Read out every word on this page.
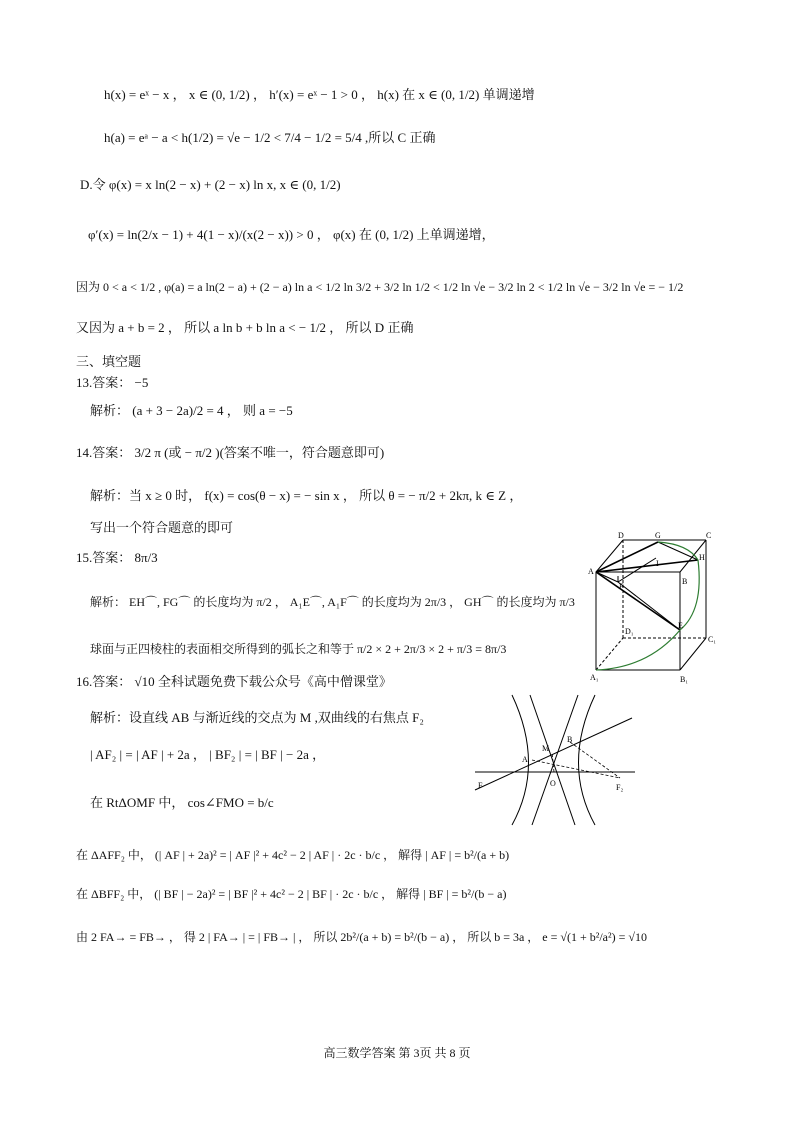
h(x) = eˣ − x ， x ∈ (0, 1/2) ， h′(x) = eˣ − 1 > 0 ， h(x) 在 x ∈ (0, 1/2) 单调递增
h(a) = eᵃ − a < h(1/2) = √e − 1/2 < 7/4 − 1/2 = 5/4 ,所以 C 正确
D.令 φ(x) = x ln(2 − x) + (2 − x) ln x, x ∈ (0, 1/2)
φ′(x) = ln(2/x − 1) + 4(1 − x)/(x(2 − x)) > 0 ， φ(x) 在 (0, 1/2) 上单调递增，
因为 0 < a < 1/2 , φ(a) = a ln(2 − a) + (2 − a) ln a < 1/2 ln 3/2 + 3/2 ln 1/2 < 1/2 ln √e − 3/2 ln 2 < 1/2 ln √e − 3/2 ln √e = − 1/2
又因为 a + b = 2 ， 所以 a ln b + b ln a < − 1/2 ， 所以 D 正确
三、填空题
13.答案： −5
解析： (a + 3 − 2a)/2 = 4 ， 则 a = −5
14.答案： 3/2 π (或 − π/2 )(答案不唯一，符合题意即可)
解析：当 x ≥ 0 时， f(x) = cos(θ − x) = − sin x ， 所以 θ = − π/2 + 2kπ, k ∈ Z ，
写出一个符合题意的即可
15.答案： 8π/3
解析： EH⌒, FG⌒ 的长度均为 π/2 ， A₁E⌒, A₁F⌒ 的长度均为 2π/3 ， GH⌒ 的长度均为 π/3
球面与正四棱柱的表面相交所得到的弧长之和等于 π/2 × 2 + 2π/3 × 2 + π/3 = 8π/3
16.答案： √10 全科试题免费下载公众号《高中僧课堂》
解析：设直线 AB 与渐近线的交点为 M ,双曲线的右焦点 F₂
| AF₂ | = | AF | + 2a ， | BF₂ | = | BF | − 2a ，
在 RtΔOMF 中， cos∠FMO = b/c
在 ΔAFF₂ 中， (| AF | + 2a)² = | AF |² + 4c² − 2 | AF | · 2c · b/c ， 解得 | AF | = b²/(a + b)
在 ΔBFF₂ 中， (| BF | − 2a)² = | BF |² + 4c² − 2 | BF | · 2c · b/c ， 解得 | BF | = b²/(b − a)
由 2 FA→ = FB→ ， 得 2 | FA→ | = | FB→ | ， 所以 2b²/(a + b) = b²/(b − a) ， 所以 b = 3a ， e = √(1 + b²/a²) = √10
D	G	C
A
H
B
I
F
E
D₁
C₁
A₁	B₁
A
M
B
F	O	F₂
高三数学答案 第 3页 共 8 页
